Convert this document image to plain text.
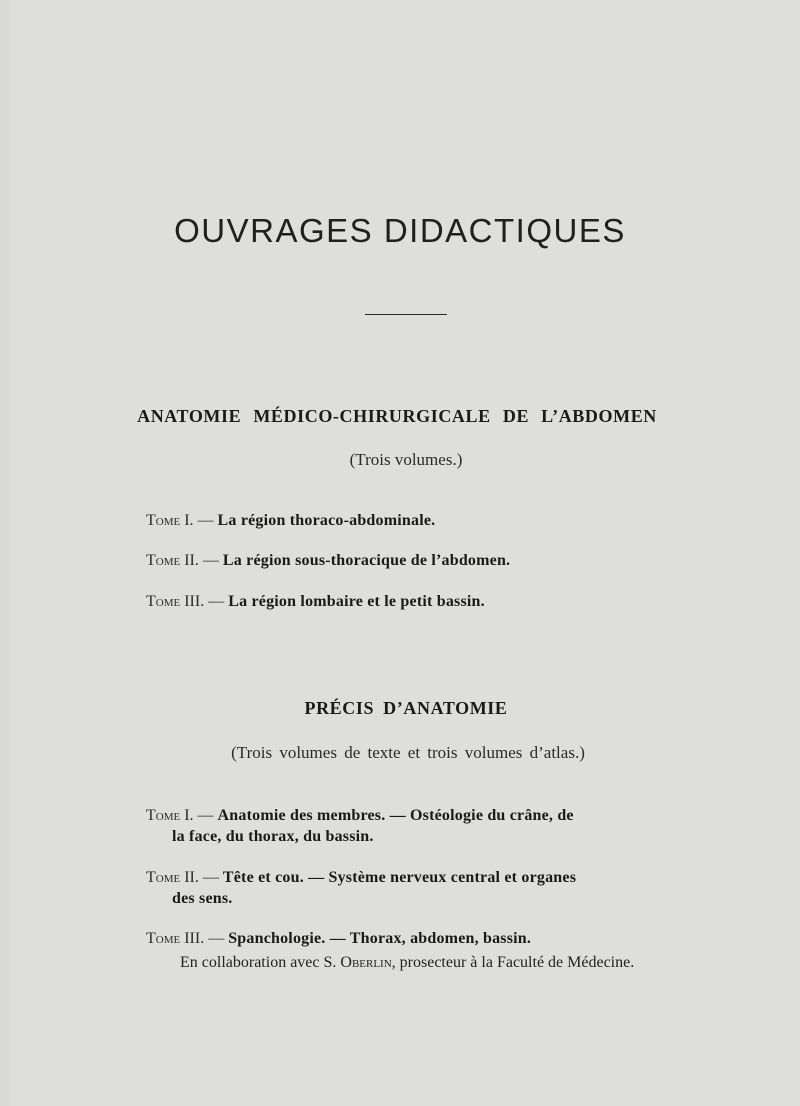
OUVRAGES DIDACTIQUES
ANATOMIE MÉDICO-CHIRURGICALE DE L’ABDOMEN
(Trois volumes.)
Tome I. — La région thoraco-abdominale.
Tome II. — La région sous-thoracique de l’abdomen.
Tome III. — La région lombaire et le petit bassin.
PRÉCIS D’ANATOMIE
(Trois volumes de texte et trois volumes d’atlas.)
Tome I. — Anatomie des membres. — Ostéologie du crâne, de
la face, du thorax, du bassin.
Tome II. — Tête et cou. — Système nerveux central et organes
des sens.
Tome III. — Spanchologie. — Thorax, abdomen, bassin.
En collaboration avec S. Oberlin, prosecteur à la Faculté de Médecine.
